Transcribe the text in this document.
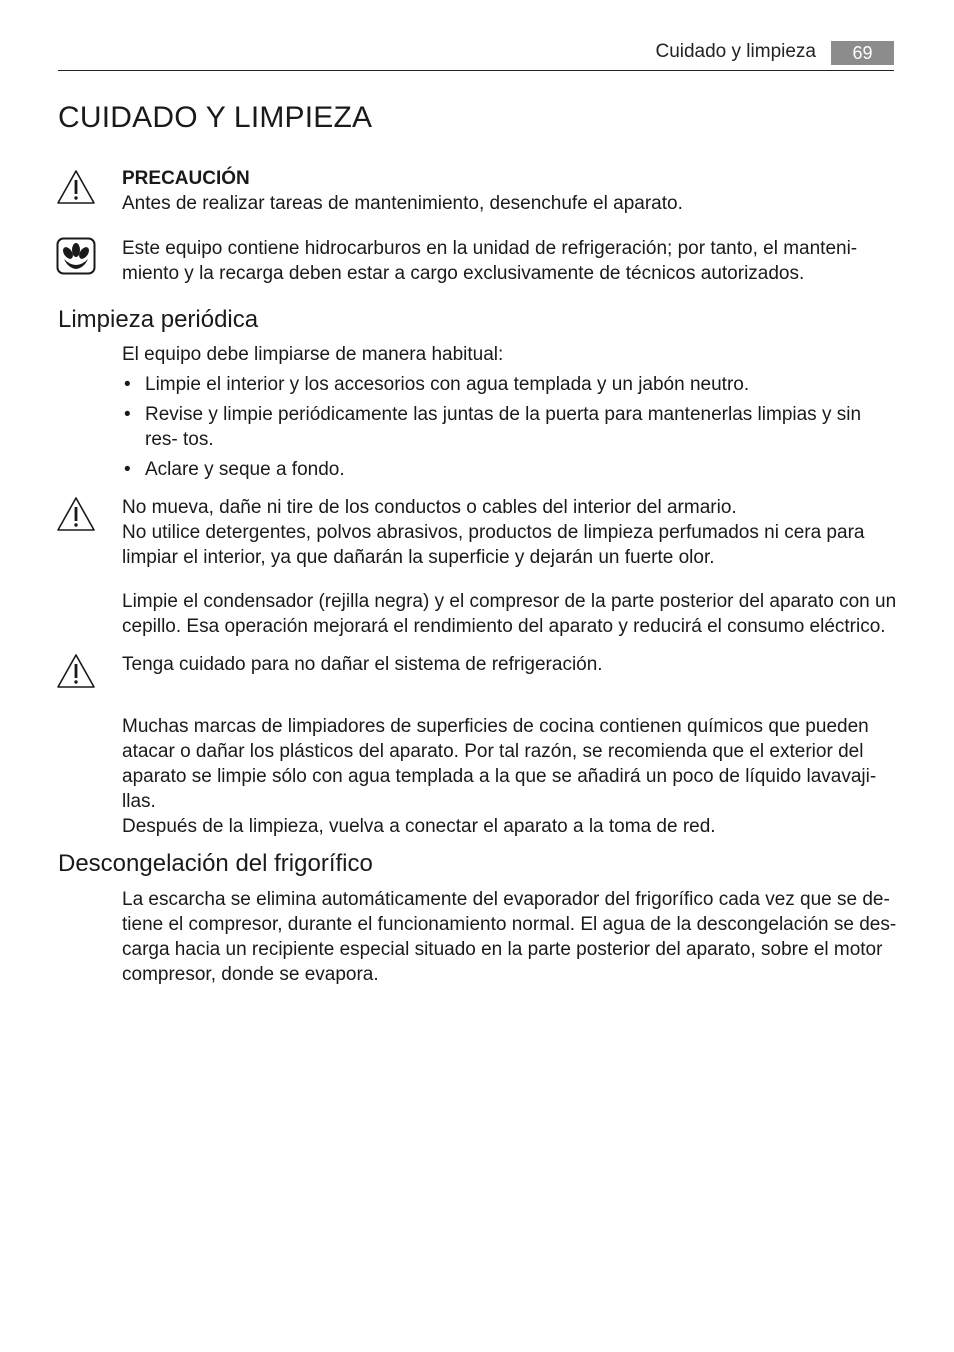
Cuidado y limpieza	69
CUIDADO Y LIMPIEZA

PRECAUCIÓN
Antes de realizar tareas de mantenimiento, desenchufe el aparato.

Este equipo contiene hidrocarburos en la unidad de refrigeración; por tanto, el manteni- miento y la recarga deben estar a cargo exclusivamente de técnicos autorizados.

Limpieza periódica

El equipo debe limpiarse de manera habitual:

• Limpie el interior y los accesorios con agua templada y un jabón neutro.
• Revise y limpie periódicamente las juntas de la puerta para mantenerlas limpias y sin res- tos.
• Aclare y seque a fondo.

No mueva, dañe ni tire de los conductos o cables del interior del armario.
No utilice detergentes, polvos abrasivos, productos de limpieza perfumados ni cera para limpiar el interior, ya que dañarán la superficie y dejarán un fuerte olor.

Limpie el condensador (rejilla negra) y el compresor de la parte posterior del aparato con un cepillo. Esa operación mejorará el rendimiento del aparato y reducirá el consumo eléctrico.

Tenga cuidado para no dañar el sistema de refrigeración.

Muchas marcas de limpiadores de superficies de cocina contienen químicos que pueden atacar o dañar los plásticos del aparato. Por tal razón, se recomienda que el exterior del aparato se limpie sólo con agua templada a la que se añadirá un poco de líquido lavavaji- llas.

Después de la limpieza, vuelva a conectar el aparato a la toma de red.

Descongelación del frigorífico

La escarcha se elimina automáticamente del evaporador del frigorífico cada vez que se de- tiene el compresor, durante el funcionamiento normal. El agua de la descongelación se des- carga hacia un recipiente especial situado en la parte posterior del aparato, sobre el motor compresor, donde se evapora.
